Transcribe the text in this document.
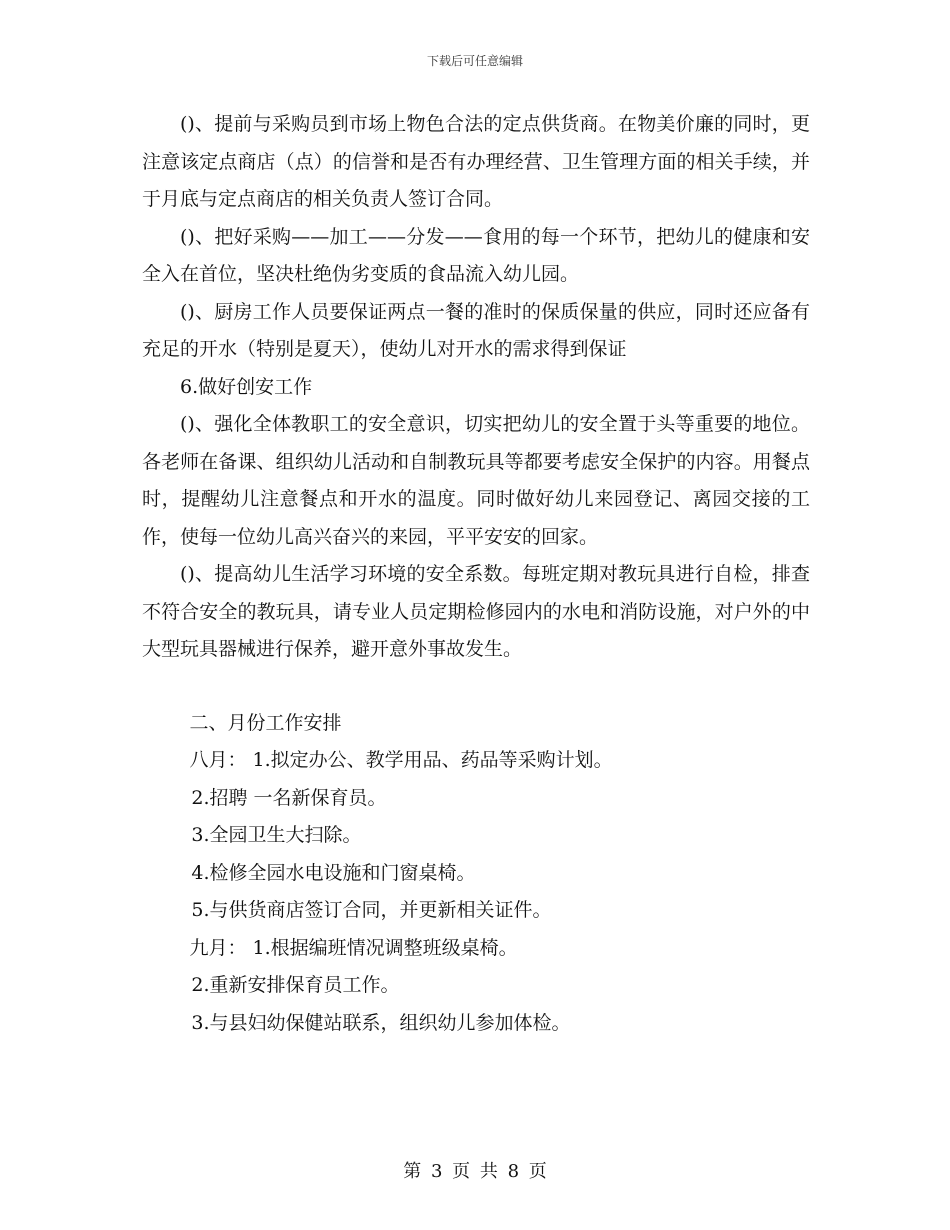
下载后可任意编辑

()、提前与采购员到市场上物色合法的定点供货商。在物美价廉的同时，更注意该定点商店（点）的信誉和是否有办理经营、卫生管理方面的相关手续，并于月底与定点商店的相关负责人签订合同。

()、把好采购——加工——分发——食用的每一个环节，把幼儿的健康和安全入在首位，坚决杜绝伪劣变质的食品流入幼儿园。

()、厨房工作人员要保证两点一餐的准时的保质保量的供应，同时还应备有充足的开水（特别是夏天），使幼儿对开水的需求得到保证

6.做好创安工作

()、强化全体教职工的安全意识，切实把幼儿的安全置于头等重要的地位。各老师在备课、组织幼儿活动和自制教玩具等都要考虑安全保护的内容。用餐点时，提醒幼儿注意餐点和开水的温度。同时做好幼儿来园登记、离园交接的工作，使每一位幼儿高兴奋兴的来园，平平安安的回家。

()、提高幼儿生活学习环境的安全系数。每班定期对教玩具进行自检，排查不符合安全的教玩具，请专业人员定期检修园内的水电和消防设施，对户外的中大型玩具器械进行保养，避开意外事故发生。

二、月份工作安排

八月： 1.拟定办公、教学用品、药品等采购计划。

2.招聘 一名新保育员。

3.全园卫生大扫除。

4.检修全园水电设施和门窗桌椅。

5.与供货商店签订合同，并更新相关证件。

九月： 1.根据编班情况调整班级桌椅。

2.重新安排保育员工作。

3.与县妇幼保健站联系，组织幼儿参加体检。

第 3 页 共 8 页
